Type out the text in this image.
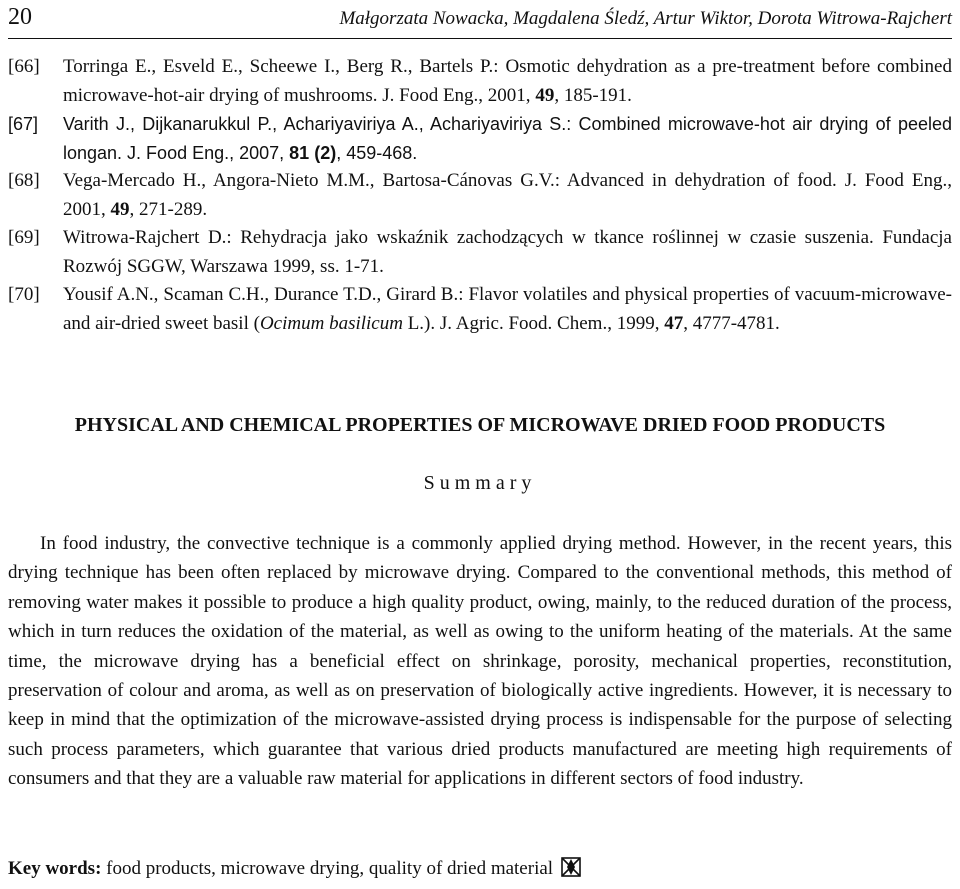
20	Małgorzata Nowacka, Magdalena Śledź, Artur Wiktor, Dorota Witrowa-Rajchert
[66] Torringa E., Esveld E., Scheewe I., Berg R., Bartels P.: Osmotic dehydration as a pre-treatment before combined microwave-hot-air drying of mushrooms. J. Food Eng., 2001, 49, 185-191.
[67] Varith J., Dijkanarukkul P., Achariyaviriya A., Achariyaviriya S.: Combined microwave-hot air drying of peeled longan. J. Food Eng., 2007, 81 (2), 459-468.
[68] Vega-Mercado H., Angora-Nieto M.M., Bartosa-Cánovas G.V.: Advanced in dehydration of food. J. Food Eng., 2001, 49, 271-289.
[69] Witrowa-Rajchert D.: Rehydracja jako wskaźnik zachodzących w tkance roślinnej w czasie suszenia. Fundacja Rozwój SGGW, Warszawa 1999, ss. 1-71.
[70] Yousif A.N., Scaman C.H., Durance T.D., Girard B.: Flavor volatiles and physical properties of vacuum-microwave- and air-dried sweet basil (Ocimum basilicum L.). J. Agric. Food. Chem., 1999, 47, 4777-4781.
PHYSICAL AND CHEMICAL PROPERTIES OF MICROWAVE DRIED FOOD PRODUCTS
Summary

In food industry, the convective technique is a commonly applied drying method. However, in the recent years, this drying technique has been often replaced by microwave drying. Compared to the conventional methods, this method of removing water makes it possible to produce a high quality product, owing, mainly, to the reduced duration of the process, which in turn reduces the oxidation of the material, as well as owing to the uniform heating of the materials. At the same time, the microwave drying has a beneficial effect on shrinkage, porosity, mechanical properties, reconstitution, preservation of colour and aroma, as well as on preservation of biologically active ingredients. However, it is necessary to keep in mind that the optimization of the microwave-assisted drying process is indispensable for the purpose of selecting such process parameters, which guarantee that various dried products manufactured are meeting high requirements of consumers and that they are a valuable raw material for applications in different sectors of food industry.

Key words: food products, microwave drying, quality of dried material
